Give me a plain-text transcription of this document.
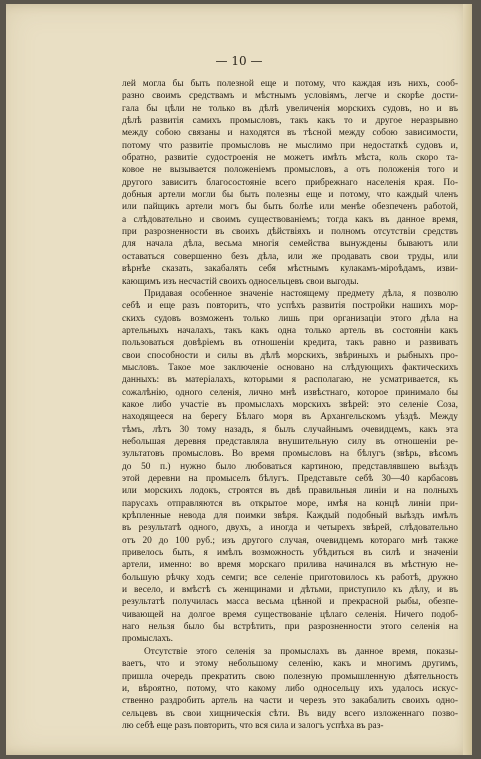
— 10 —
лей могла бы быть полезной еще и потому, что каждая изъ нихъ, сооб-
разно своимъ средствамъ и мѣстнымъ условіямъ, легче и скорѣе дости-
гала бы цѣли не только въ дѣлѣ увеличенія морскихъ судовъ, но и въ
дѣлѣ развитія самихъ промысловъ, такъ какъ то и другое неразрывно
между собою связаны и находятся въ тѣсной между собою зависимости,
потому что развитіе промысловъ не мыслимо при недостаткѣ судовъ и,
обратно, развитіе судостроенія не можетъ имѣть мѣста, коль скоро та-
ковое не вызывается положеніемъ промысловъ, а отъ положенія того и
другого зависитъ благосостояніе всего прибрежнаго населенія края. По-
добныя артели могли бы быть полезны еще и потому, что каждый членъ
или пайщикъ артели могъ бы быть болѣе или менѣе обезпеченъ работой,
а слѣдовательно и своимъ существованіемъ; тогда какъ въ данное время,
при разрозненности въ своихъ дѣйствіяхъ и полномъ отсутствіи средствъ
для начала дѣла, весьма многія семейства вынуждены бываютъ или
оставаться совершенно безъ дѣла, или же продавать свои труды, или
вѣрнѣе сказать, закабалять себя мѣстнымъ кулакамъ-міроѣдамъ, изви-
кающимъ изъ несчастій своихъ односельцевъ свои выгоды.
Придавая особенное значеніе настоящему предмету дѣла, я позволю
себѣ и еще разъ повторить, что успѣхъ развитія постройки нашихъ мор-
скихъ судовъ возможенъ только лишь при организаціи этого дѣла на
артельныхъ началахъ, такъ какъ одна только артель въ состояніи какъ
пользоваться довѣріемъ въ отношеніи кредита, такъ равно и развивать
свои способности и силы въ дѣлѣ морскихъ, звѣриныхъ и рыбныхъ про-
мысловъ. Такое мое заключеніе основано на слѣдующихъ фактическихъ
данныхъ: въ матеріалахъ, которыми я располагаю, не усматривается, къ
сожалѣнію, одного селенія, лично мнѣ извѣстнаго, которое принимало бы
какое либо участіе въ промыслахъ морскихъ звѣрей: это селеніе Соза,
находящееся на берегу Бѣлаго моря въ Архангельскомъ уѣздѣ. Между
тѣмъ, лѣтъ 30 тому назадъ, я былъ случайнымъ очевидцемъ, какъ эта
небольшая деревня представляла внушительную силу въ отношеніи ре-
зультатовъ промысловъ. Во время промысловъ на бѣлугъ (звѣрь, вѣсомъ
до 50 п.) нужно было любоваться картиною, представлявшею выѣздъ
этой деревни на промыселъ бѣлугъ. Представьте себѣ 30—40 карбасовъ
или морскихъ лодокъ, строятся въ двѣ правильныя линіи и на полныхъ
парусахъ отправляются въ открытое море, имѣя на концѣ линіи при-
крѣпленные невода для поимки звѣря. Каждый подобный выѣздъ имѣлъ
въ результатѣ одного, двухъ, а иногда и четырехъ звѣрей, слѣдовательно
отъ 20 до 100 руб.; изъ другого случая, очевидцемъ котораго мнѣ также
привелось быть, я имѣлъ возможность убѣдиться въ силѣ и значеніи
артели, именно: во время морскаго прилива начинался въ мѣстную не-
большую рѣчку ходъ семги; все селеніе приготовилось къ работѣ, дружно
и весело, и вмѣстѣ съ женщинами и дѣтьми, приступило къ дѣлу, и въ
результатѣ получилась масса весьма цѣнной и прекрасной рыбы, обезпе-
чивающей на долгое время существованіе цѣлаго селенія. Ничего подоб-
наго нельзя было бы встрѣтить, при разрозненности этого селенія на
промыслахъ.
Отсутствіе этого селенія за промыслахъ въ данное время, показы-
ваетъ, что и этому небольшому селенію, какъ и многимъ другимъ,
пришла очередь прекратить свою полезную промышленную дѣятельность
и, вѣроятно, потому, что какому либо односельцу ихъ удалось искус-
ственно раздробить артель на части и черезъ это закабалить своихъ одно-
сельцевъ въ свои хищническія сѣти. Въ виду всего изложеннаго позво-
лю себѣ еще разъ повторить, что вся сила и залогъ успѣха въ раз-
